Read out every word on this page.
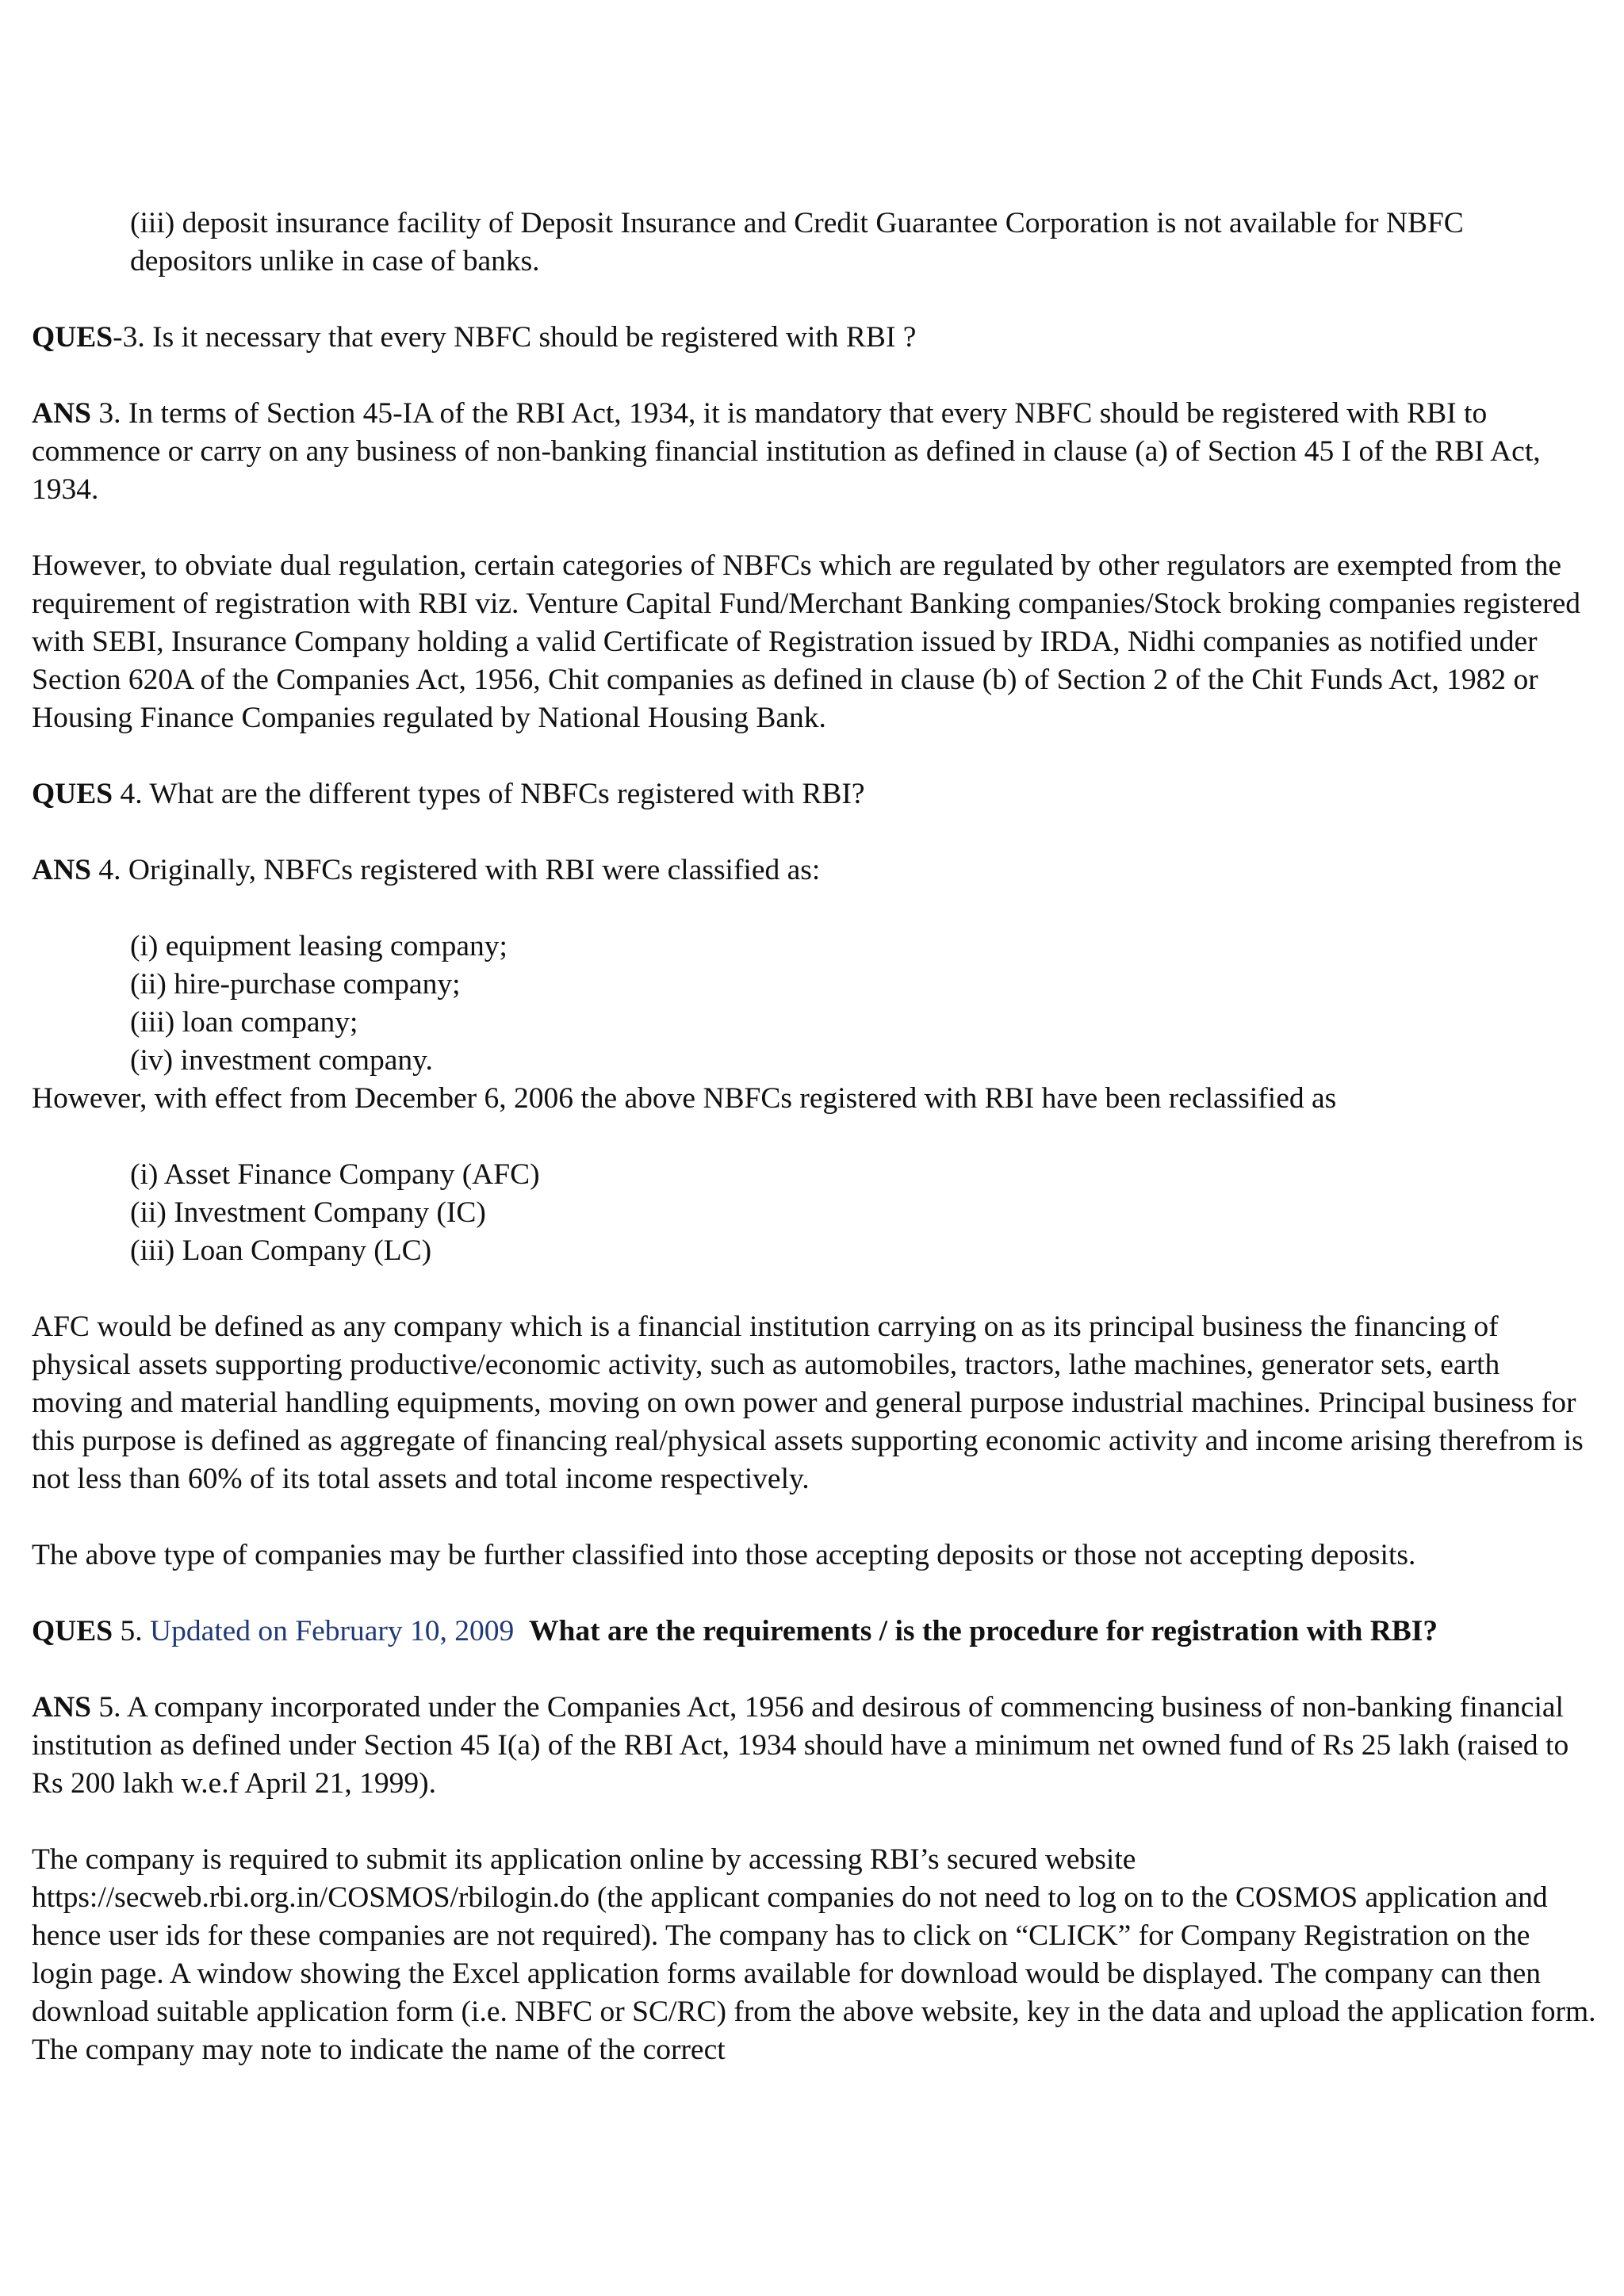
(iii) deposit insurance facility of Deposit Insurance and Credit Guarantee Corporation is not available for NBFC depositors unlike in case of banks.

QUES-3. Is it necessary that every NBFC should be registered with RBI ?

ANS 3. In terms of Section 45-IA of the RBI Act, 1934, it is mandatory that every NBFC should be registered with RBI to commence or carry on any business of non-banking financial institution as defined in clause (a) of Section 45 I of the RBI Act, 1934.

However, to obviate dual regulation, certain categories of NBFCs which are regulated by other regulators are exempted from the requirement of registration with RBI viz. Venture Capital Fund/Merchant Banking companies/Stock broking companies registered with SEBI, Insurance Company holding a valid Certificate of Registration issued by IRDA, Nidhi companies as notified under Section 620A of the Companies Act, 1956, Chit companies as defined in clause (b) of Section 2 of the Chit Funds Act, 1982 or Housing Finance Companies regulated by National Housing Bank.

QUES 4. What are the different types of NBFCs registered with RBI?

ANS 4. Originally, NBFCs registered with RBI were classified as:

(i) equipment leasing company;

(ii) hire-purchase company;

(iii) loan company;

(iv) investment company.

However, with effect from December 6, 2006 the above NBFCs registered with RBI have been reclassified as

(i) Asset Finance Company (AFC)

(ii) Investment Company (IC)

(iii) Loan Company (LC)

AFC would be defined as any company which is a financial institution carrying on as its principal business the financing of physical assets supporting productive/economic activity, such as automobiles, tractors, lathe machines, generator sets, earth moving and material handling equipments, moving on own power and general purpose industrial machines. Principal business for this purpose is defined as aggregate of financing real/physical assets supporting economic activity and income arising therefrom is not less than 60% of its total assets and total income respectively.

The above type of companies may be further classified into those accepting deposits or those not accepting deposits.

QUES 5. Updated on February 10, 2009 What are the requirements / is the procedure for registration with RBI?

ANS 5. A company incorporated under the Companies Act, 1956 and desirous of commencing business of non-banking financial institution as defined under Section 45 I(a) of the RBI Act, 1934 should have a minimum net owned fund of Rs 25 lakh (raised to Rs 200 lakh w.e.f April 21, 1999).

The company is required to submit its application online by accessing RBI’s secured website https://secweb.rbi.org.in/COSMOS/rbilogin.do (the applicant companies do not need to log on to the COSMOS application and hence user ids for these companies are not required). The company has to click on “CLICK” for Company Registration on the login page. A window showing the Excel application forms available for download would be displayed. The company can then download suitable application form (i.e. NBFC or SC/RC) from the above website, key in the data and upload the application form. The company may note to indicate the name of the correct
